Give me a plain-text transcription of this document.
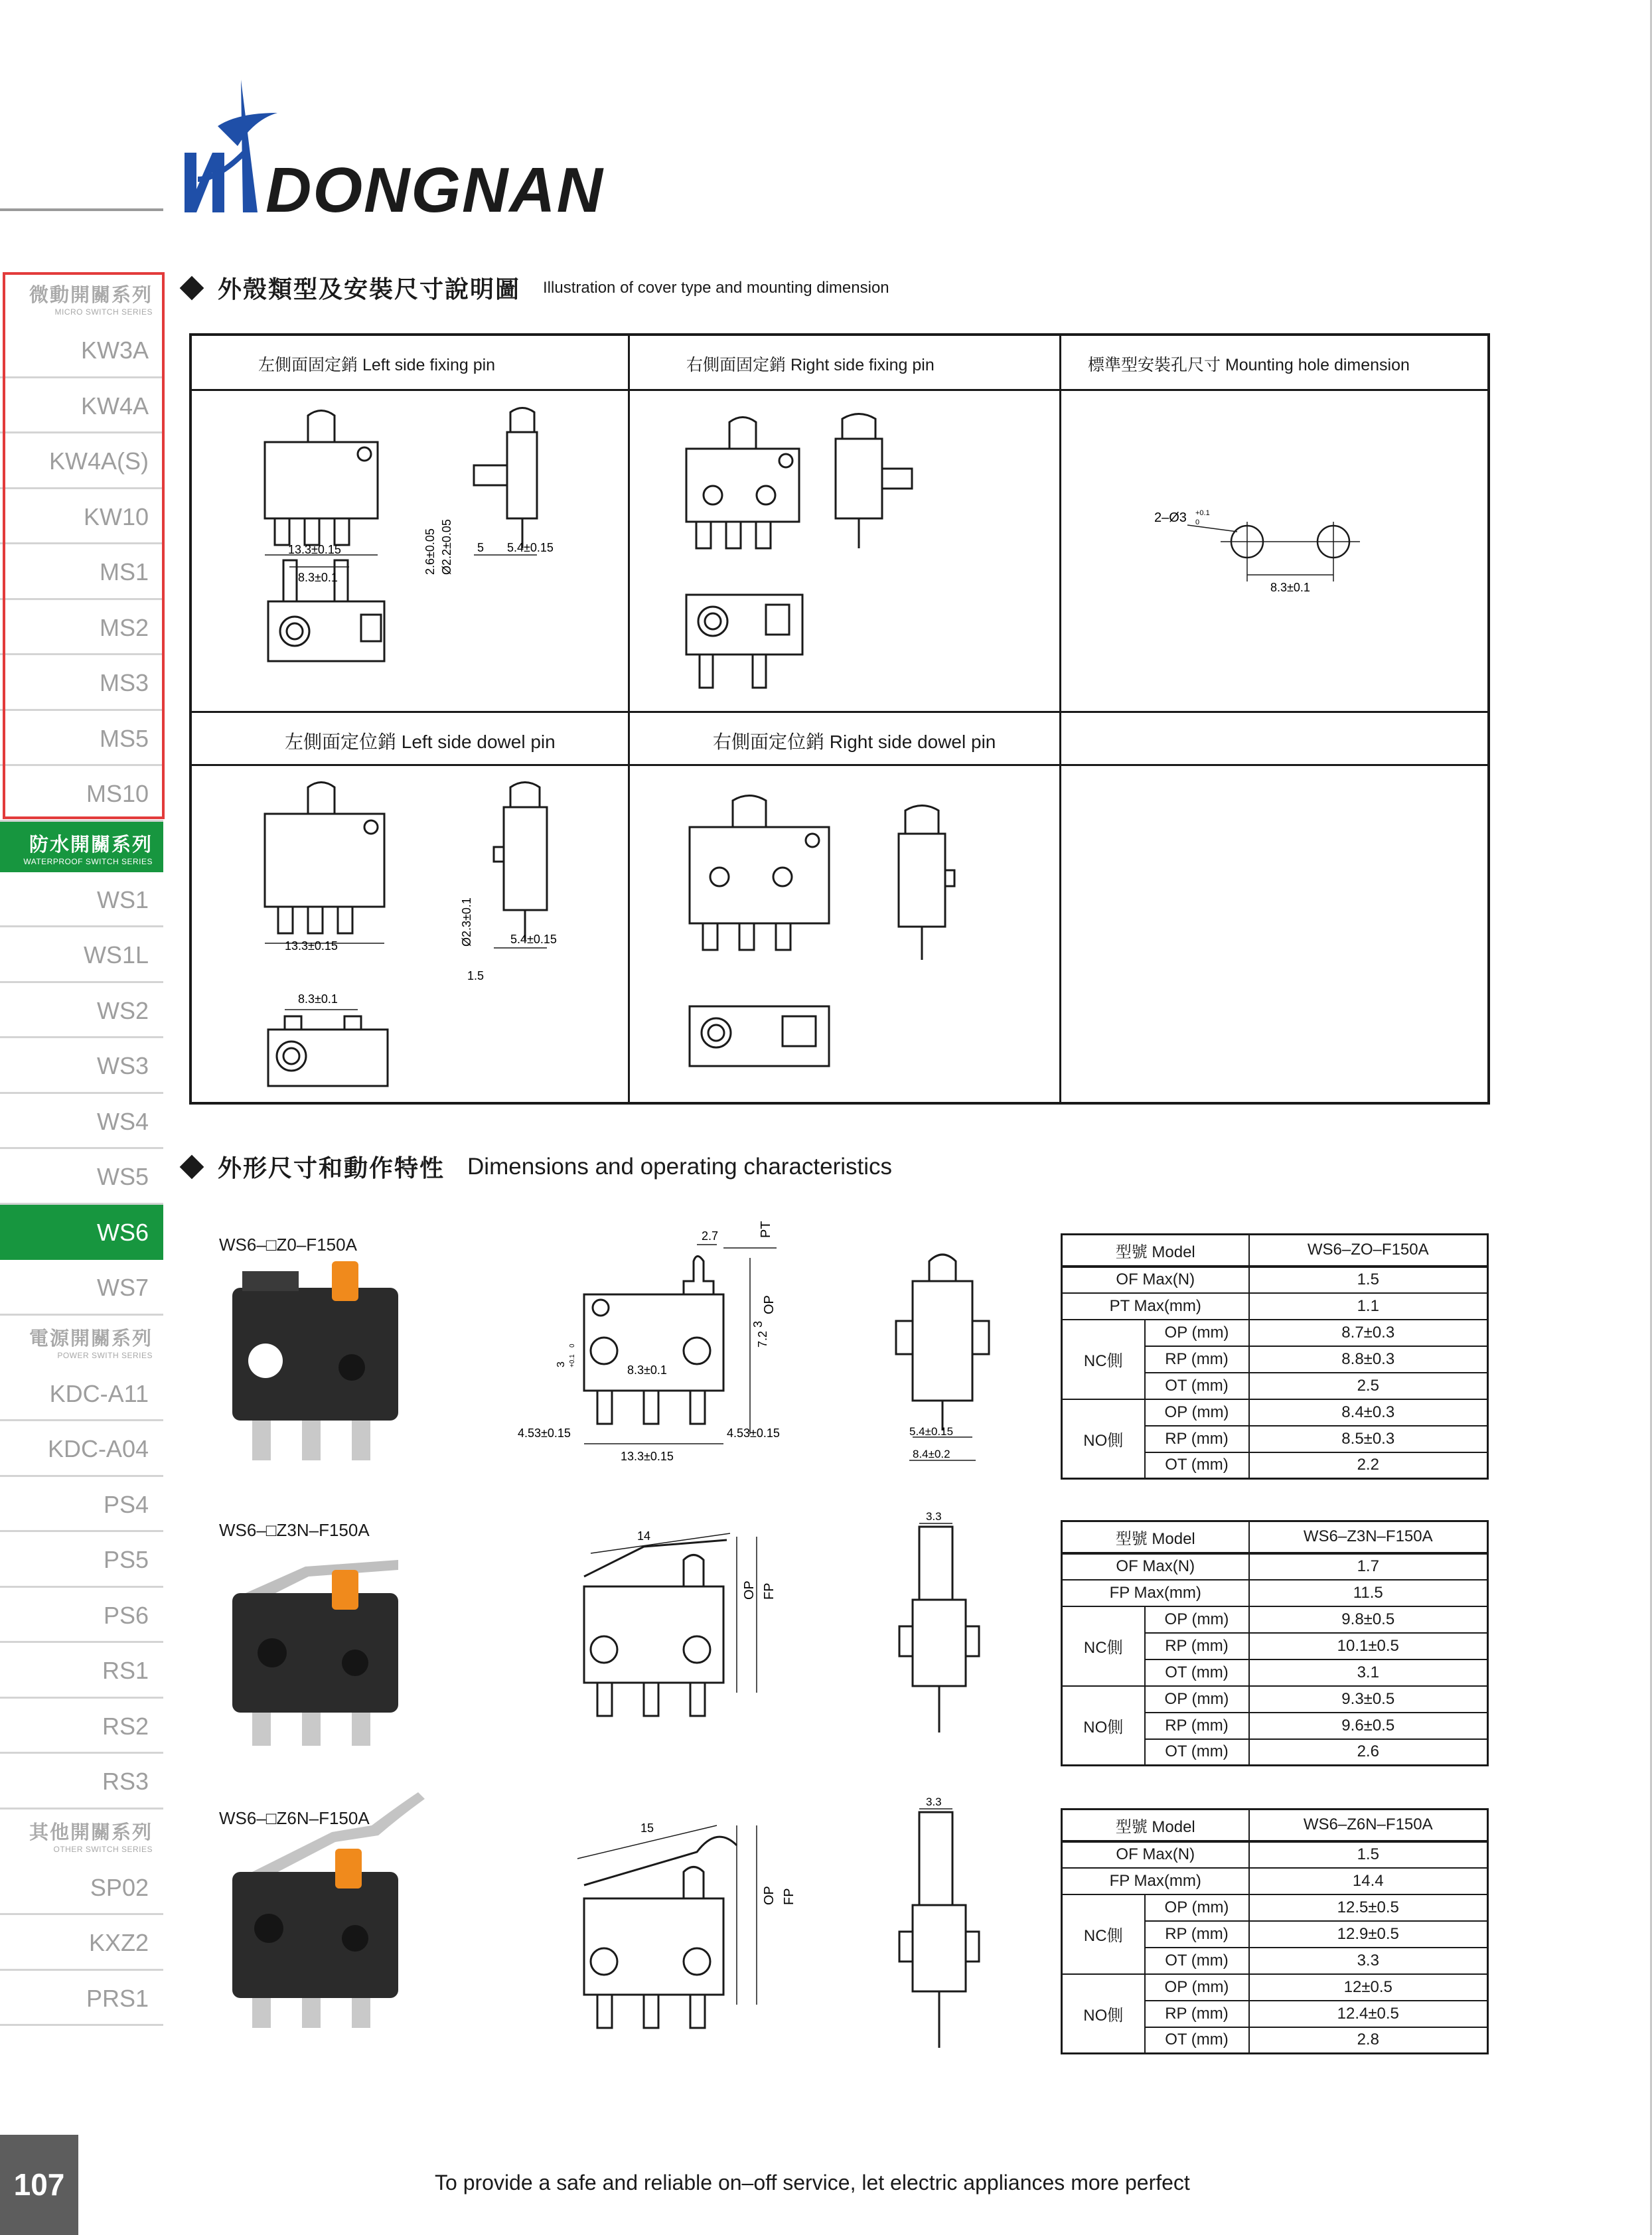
DONGNAN
微動開關系列
MICRO SWITCH SERIES
KW3A
KW4A
KW4A(S)
KW10
MS1
MS2
MS3
MS5
MS10
防水開關系列
WATERPROOF SWITCH SERIES
WS1
WS1L
WS2
WS3
WS4
WS5
WS6
WS7
電源開關系列
POWER SWITH SERIES
KDC-A11
KDC-A04
PS4
PS5
PS6
RS1
RS2
RS3
其他開關系列
OTHER SWITCH SERIES
SP02
KXZ2
PRS1
外殼類型及安裝尺寸說明圖 Illustration of cover type and mounting dimension
左側面固定銷 Left side fixing pin	右側面固定銷 Right side fixing pin	標準型安裝孔尺寸 Mounting hole dimension
左側面定位銷 Left side dowel pin	右側面定位銷 Right side dowel pin
13.3±0.15
8.3±0.1
5.4±0.15
5
2.6±0.05 Ø2.2±0.05
2–Ø3 +0.1
0
8.3±0.1
13.3±0.15
8.3±0.1
5.4±0.15
1.5
Ø2.3±0.1
外形尺寸和動作特性 Dimensions and operating characteristics
WS6–□Z0–F150A	2.7	PT
OP
3
7.2
3 +0.1
0
8.3±0.1
4.53±0.15	4.53±0.15
13.3±0.15
5.4±0.15
8.4±0.2
型號 Model		WS6–ZO–F150A
OF Max(N)		1.5
PT Max(mm)		1.1
NC側	OP (mm)	8.7±0.3
	RP (mm)	8.8±0.3
	OT (mm)	2.5
NO側	OP (mm)	8.4±0.3
	RP (mm)	8.5±0.3
	OT (mm)	2.2
WS6–□Z3N–F150A	14
OP FP
3.3
型號 Model		WS6–Z3N–F150A
OF Max(N)		1.7
FP Max(mm)		11.5
NC側	OP (mm)	9.8±0.5
	RP (mm)	10.1±0.5
	OT (mm)	3.1
NO側	OP (mm)	9.3±0.5
	RP (mm)	9.6±0.5
	OT (mm)	2.6
WS6–□Z6N–F150A	15
OP FP
3.3
型號 Model		WS6–Z6N–F150A
OF Max(N)		1.5
FP Max(mm)		14.4
NC側	OP (mm)	12.5±0.5
	RP (mm)	12.9±0.5
	OT (mm)	3.3
NO側	OP (mm)	12±0.5
	RP (mm)	12.4±0.5
	OT (mm)	2.8
107	To provide a safe and reliable on–off service, let electric appliances more perfect
